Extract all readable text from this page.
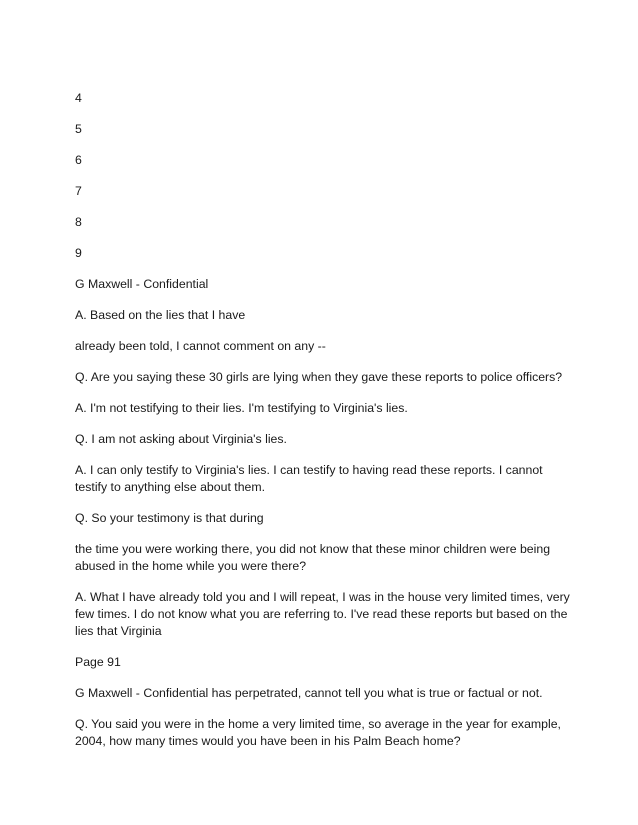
4
5
6
7
8
9

G Maxwell - Confidential

A. Based on the lies that I have

already been told, I cannot comment on any --

Q. Are you saying these 30 girls are lying when they gave these reports to police officers?

A. I'm not testifying to their lies. I'm testifying to Virginia's lies.

Q. I am not asking about Virginia's lies.

A. I can only testify to Virginia's lies. I can testify to having read these reports. I cannot testify to anything else about them.

Q. So your testimony is that during

the time you were working there, you did not know that these minor children were being abused in the home while you were there?

A. What I have already told you and I will repeat, I was in the house very limited times, very few times. I do not know what you are referring to. I've read these reports but based on the lies that Virginia

Page 91

G Maxwell - Confidential has perpetrated, cannot tell you what is true or factual or not.

Q. You said you were in the home a very limited time, so average in the year for example, 2004, how many times would you have been in his Palm Beach home?
